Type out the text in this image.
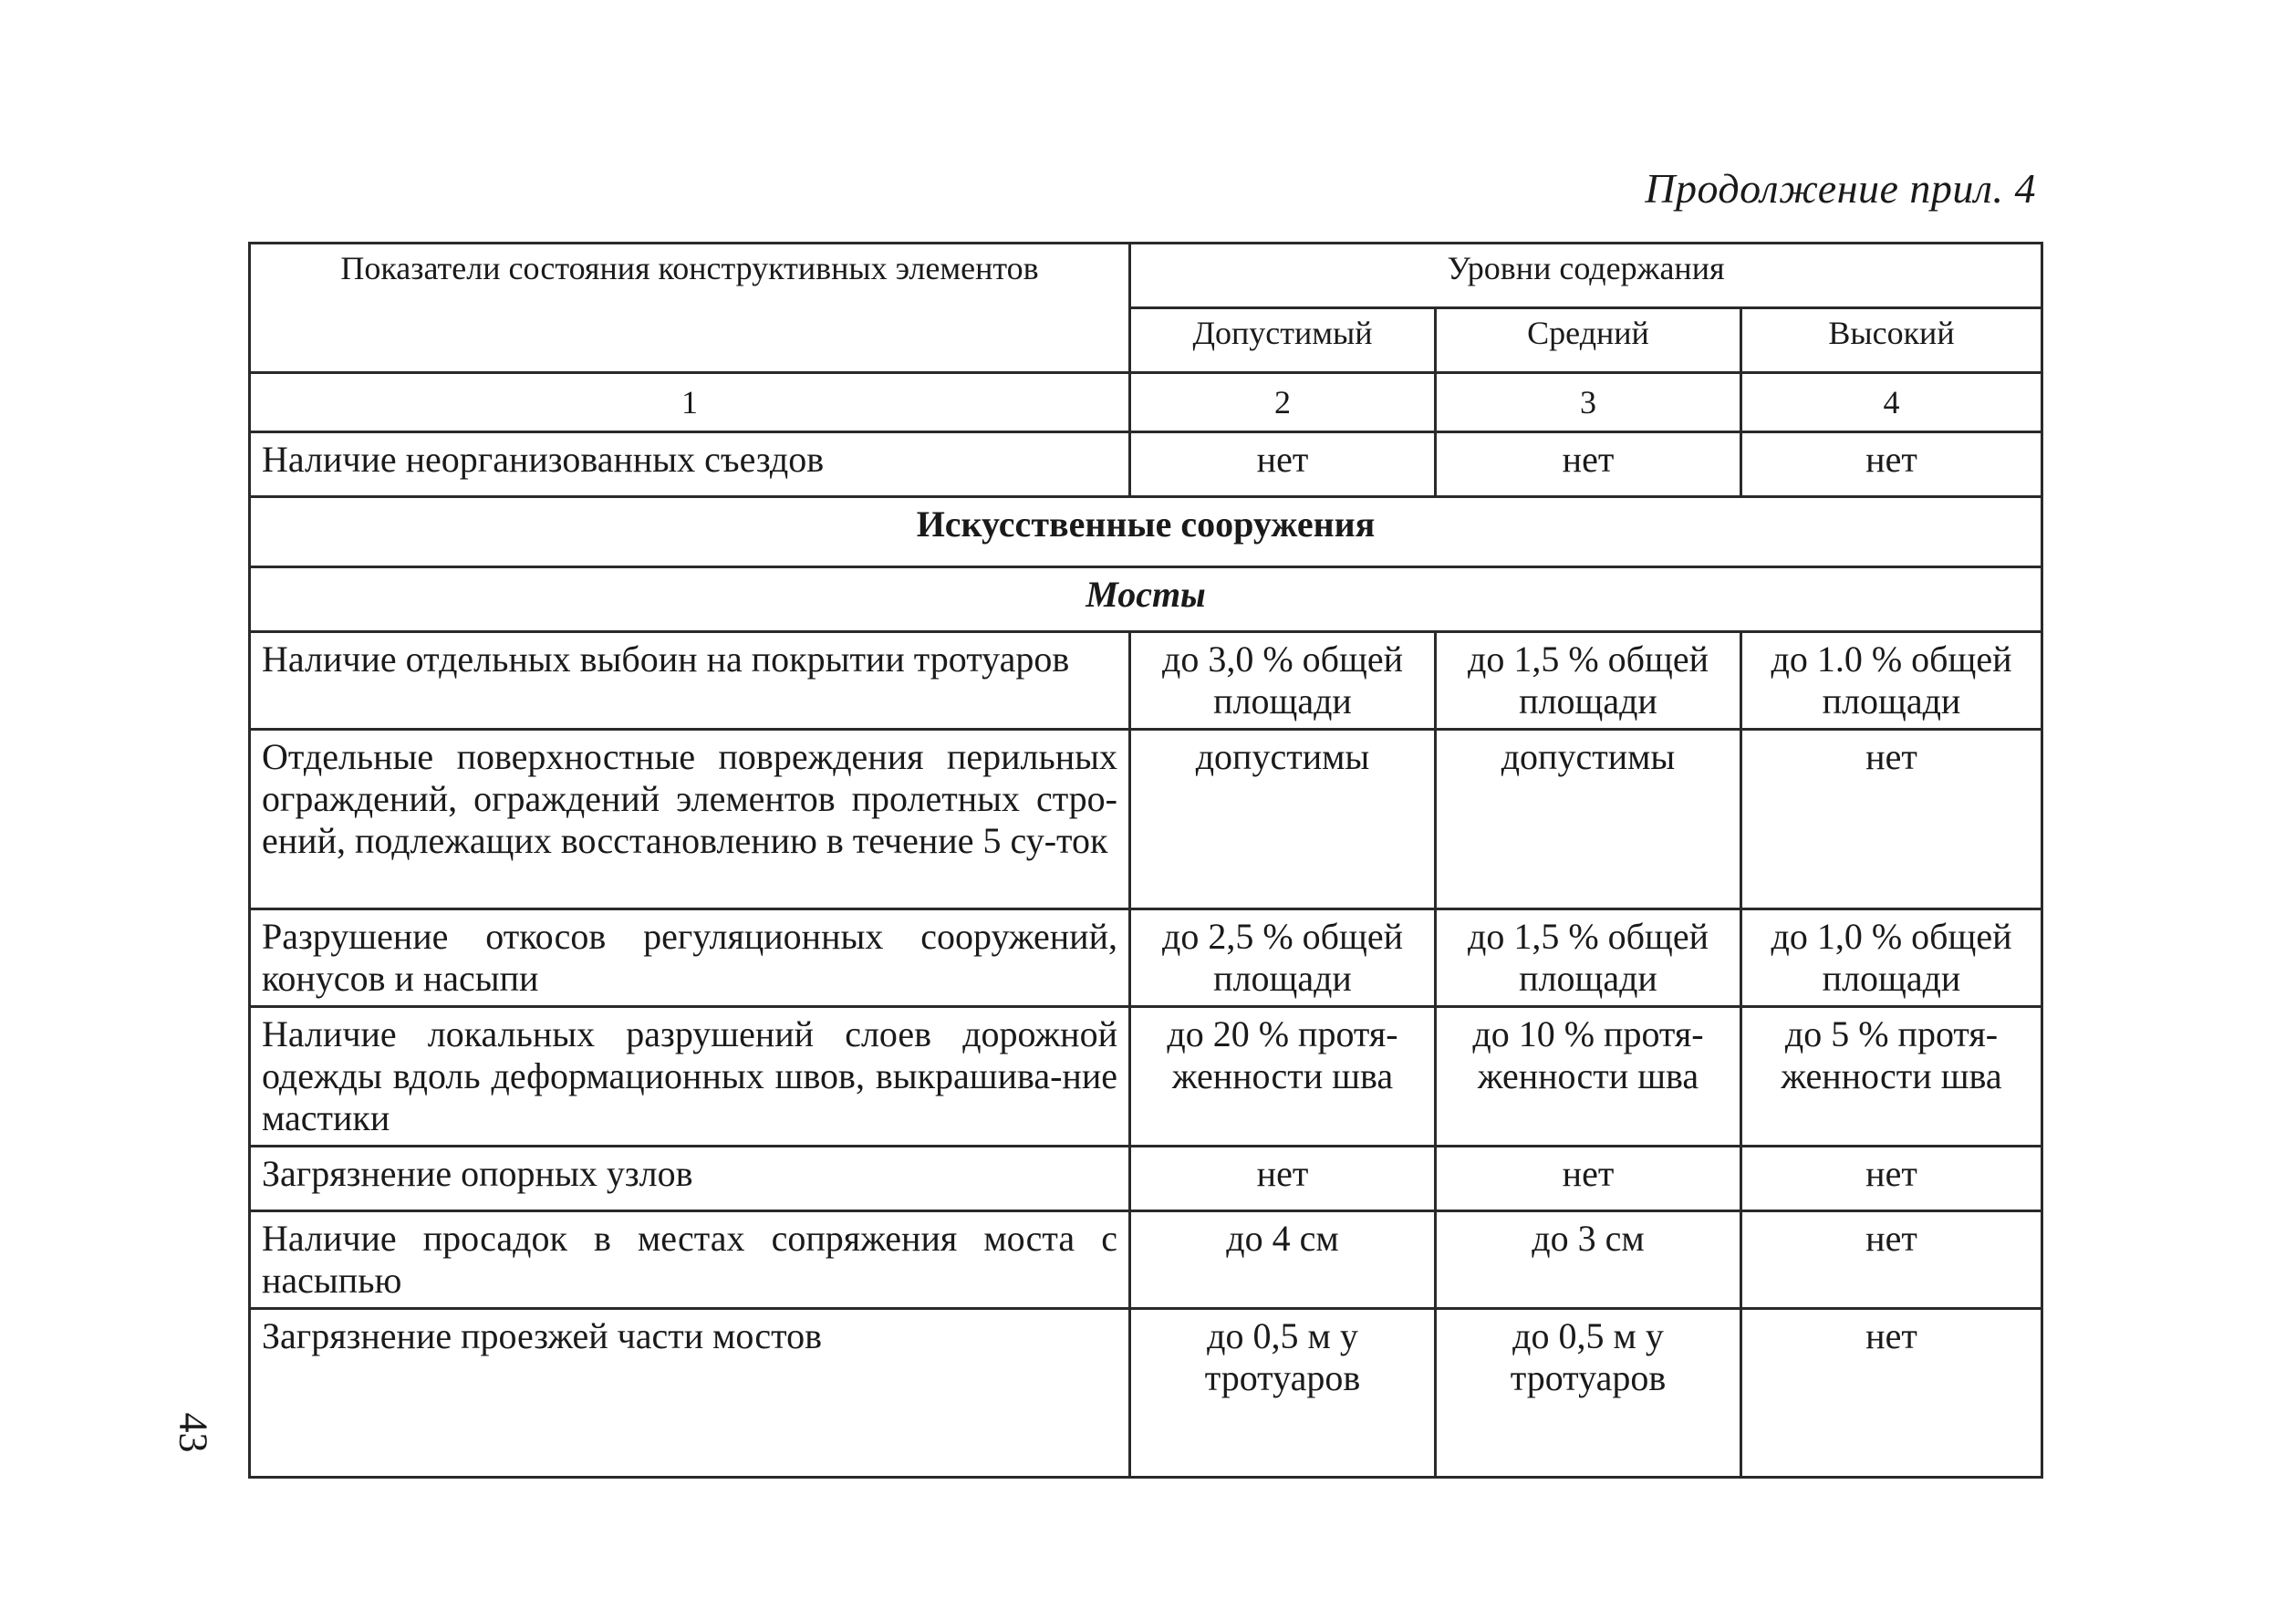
Продолжение прил. 4
43
Показатели состояния конструктивных элементов	Уровни содержания		
	Допустимый	Средний	Высокий
1	2	3	4
Наличие неорганизованных съездов	нет	нет	нет
Искусственные сооружения			
Мосты			
Наличие отдельных выбоин на покрытии тротуаров	до 3,0 % общей площади	до 1,5 % общей площади	до 1.0 % общей площади
Отдельные поверхностные повреждения перильных ограждений, ограждений элементов пролетных стро-ений, подлежащих восстановлению в течение 5 су-ток	допустимы	допустимы	нет
Разрушение откосов регуляционных сооружений, конусов и насыпи	до 2,5 % общей площади	до 1,5 % общей площади	до 1,0 % общей площади
Наличие локальных разрушений слоев дорожной одежды вдоль деформационных швов, выкрашива-ние мастики	до 20 % протя-женности шва	до 10 % протя-женности шва	до 5 % протя-женности шва
Загрязнение опорных узлов	нет	нет	нет
Наличие просадок в местах сопряжения моста с насыпью	до 4 см	до 3 см	нет
Загрязнение проезжей части мостов	до 0,5 м у тротуаров	до 0,5 м у тротуаров	нет
